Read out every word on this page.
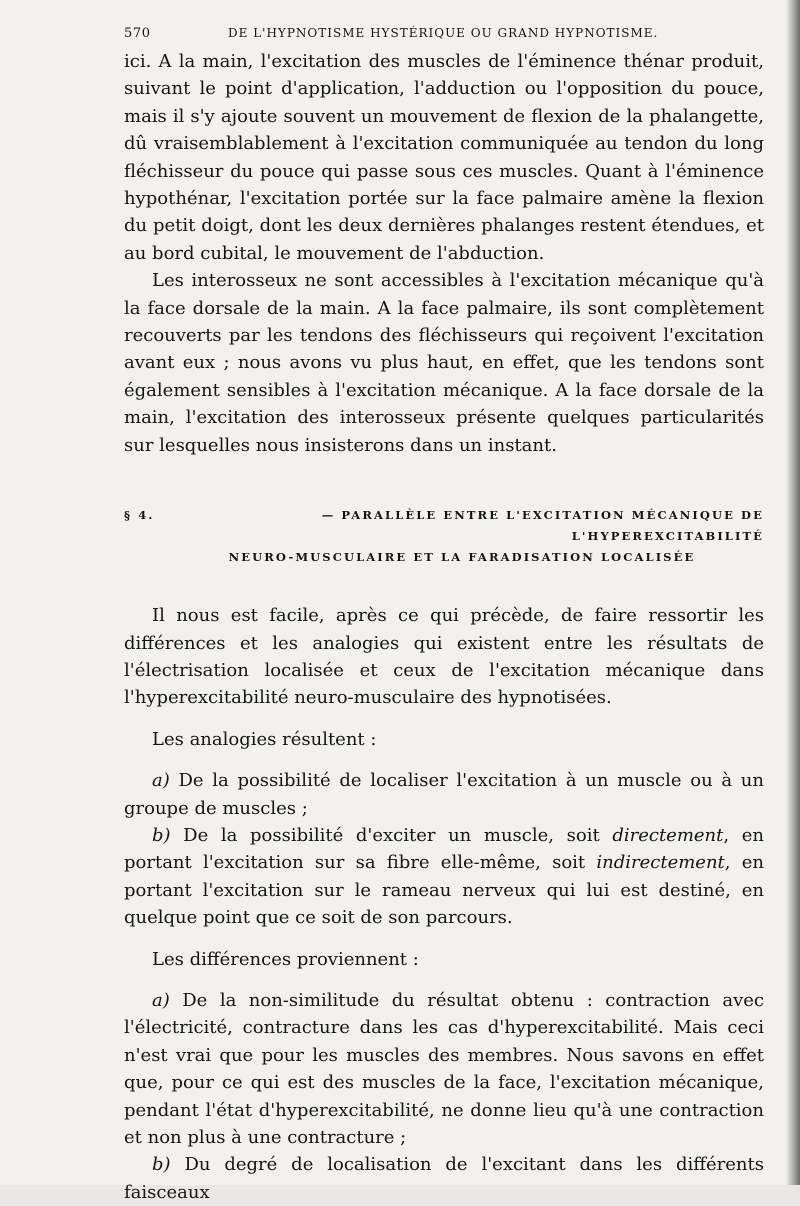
570	DE L'HYPNOTISME HYSTÉRIQUE OU GRAND HYPNOTISME.

ici. A la main, l'excitation des muscles de l'éminence thénar produit, suivant le point d'application, l'adduction ou l'opposition du pouce, mais il s'y ajoute souvent un mouvement de flexion de la phalangette, dû vraisemblablement à l'excitation communiquée au tendon du long fléchisseur du pouce qui passe sous ces muscles. Quant à l'éminence hypothénar, l'excitation portée sur la face palmaire amène la flexion du petit doigt, dont les deux dernières phalanges restent étendues, et au bord cubital, le mouvement de l'abduction.

Les interosseux ne sont accessibles à l'excitation mécanique qu'à la face dorsale de la main. A la face palmaire, ils sont complètement recouverts par les tendons des fléchisseurs qui reçoivent l'excitation avant eux ; nous avons vu plus haut, en effet, que les tendons sont également sensibles à l'excitation mécanique. A la face dorsale de la main, l'excitation des interosseux présente quelques particularités sur lesquelles nous insisterons dans un instant.

§ 4.	— PARALLÈLE ENTRE L'EXCITATION MÉCANIQUE DE L'HYPEREXCITABILITÉ
NEURO-MUSCULAIRE ET LA FARADISATION LOCALISÉE

Il nous est facile, après ce qui précède, de faire ressortir les différences et les analogies qui existent entre les résultats de l'électrisation localisée et ceux de l'excitation mécanique dans l'hyperexcitabilité neuro-musculaire des hypnotisées.

Les analogies résultent :

a) De la possibilité de localiser l'excitation à un muscle ou à un groupe de muscles ;

b) De la possibilité d'exciter un muscle, soit directement, en portant l'excitation sur sa fibre elle-même, soit indirectement, en portant l'excitation sur le rameau nerveux qui lui est destiné, en quelque point que ce soit de son parcours.

Les différences proviennent :

a) De la non-similitude du résultat obtenu : contraction avec l'électricité, contracture dans les cas d'hyperexcitabilité. Mais ceci n'est vrai que pour les muscles des membres. Nous savons en effet que, pour ce qui est des muscles de la face, l'excitation mécanique, pendant l'état d'hyperexcitabilité, ne donne lieu qu'à une contraction et non plus à une contracture ;

b) Du degré de localisation de l'excitant dans les différents faisceaux
